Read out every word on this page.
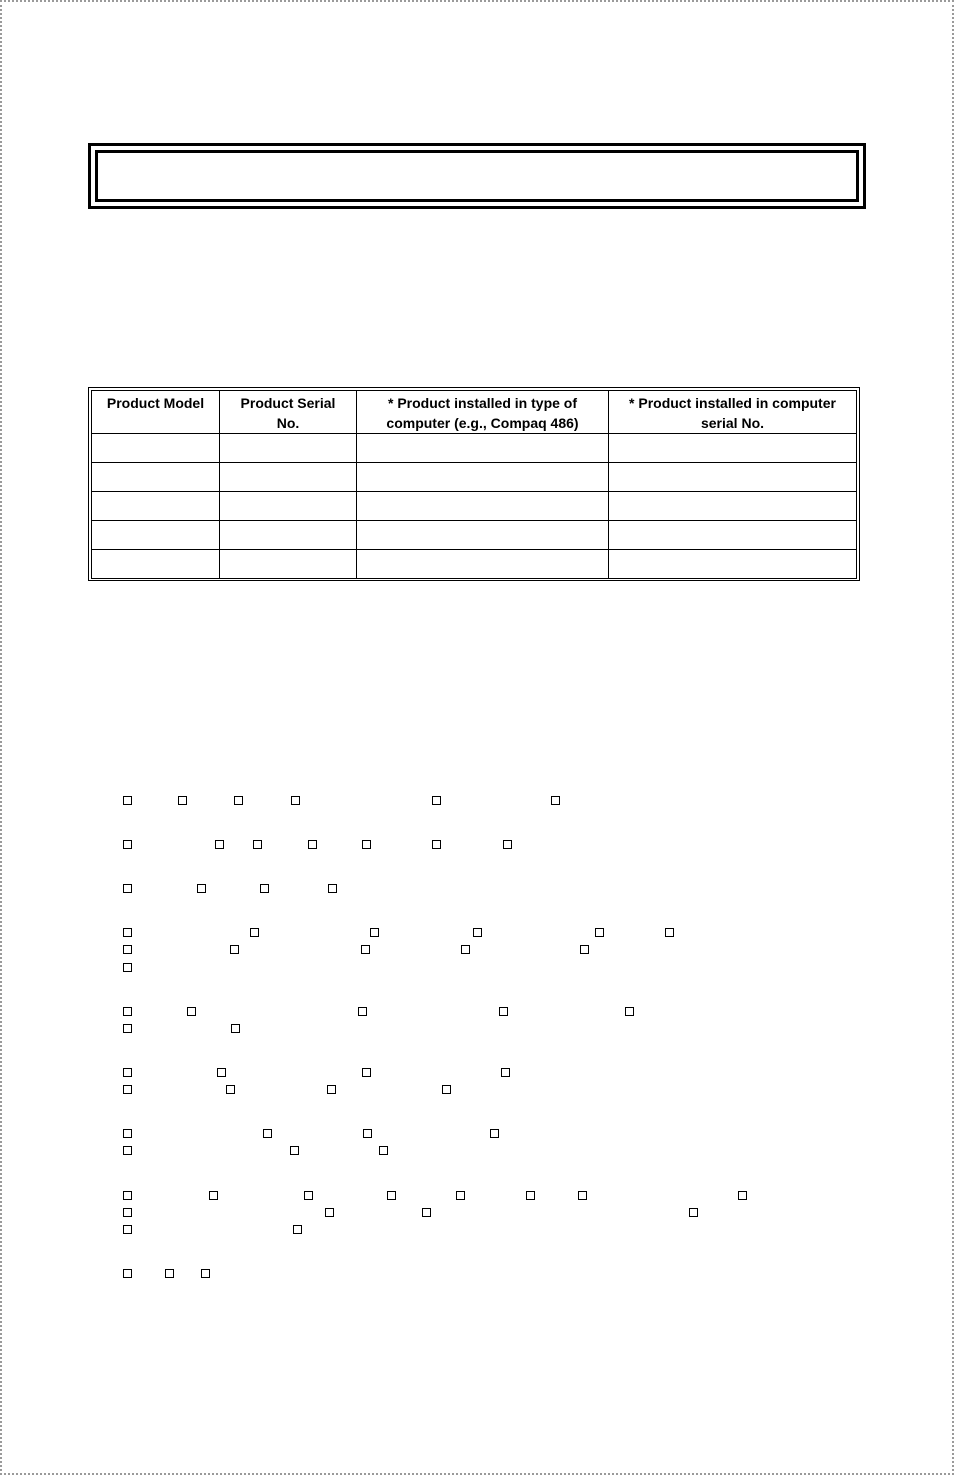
Product Model	Product Serial No.	* Product installed in type of computer (e.g., Compaq 486)	* Product installed in computer serial No.
